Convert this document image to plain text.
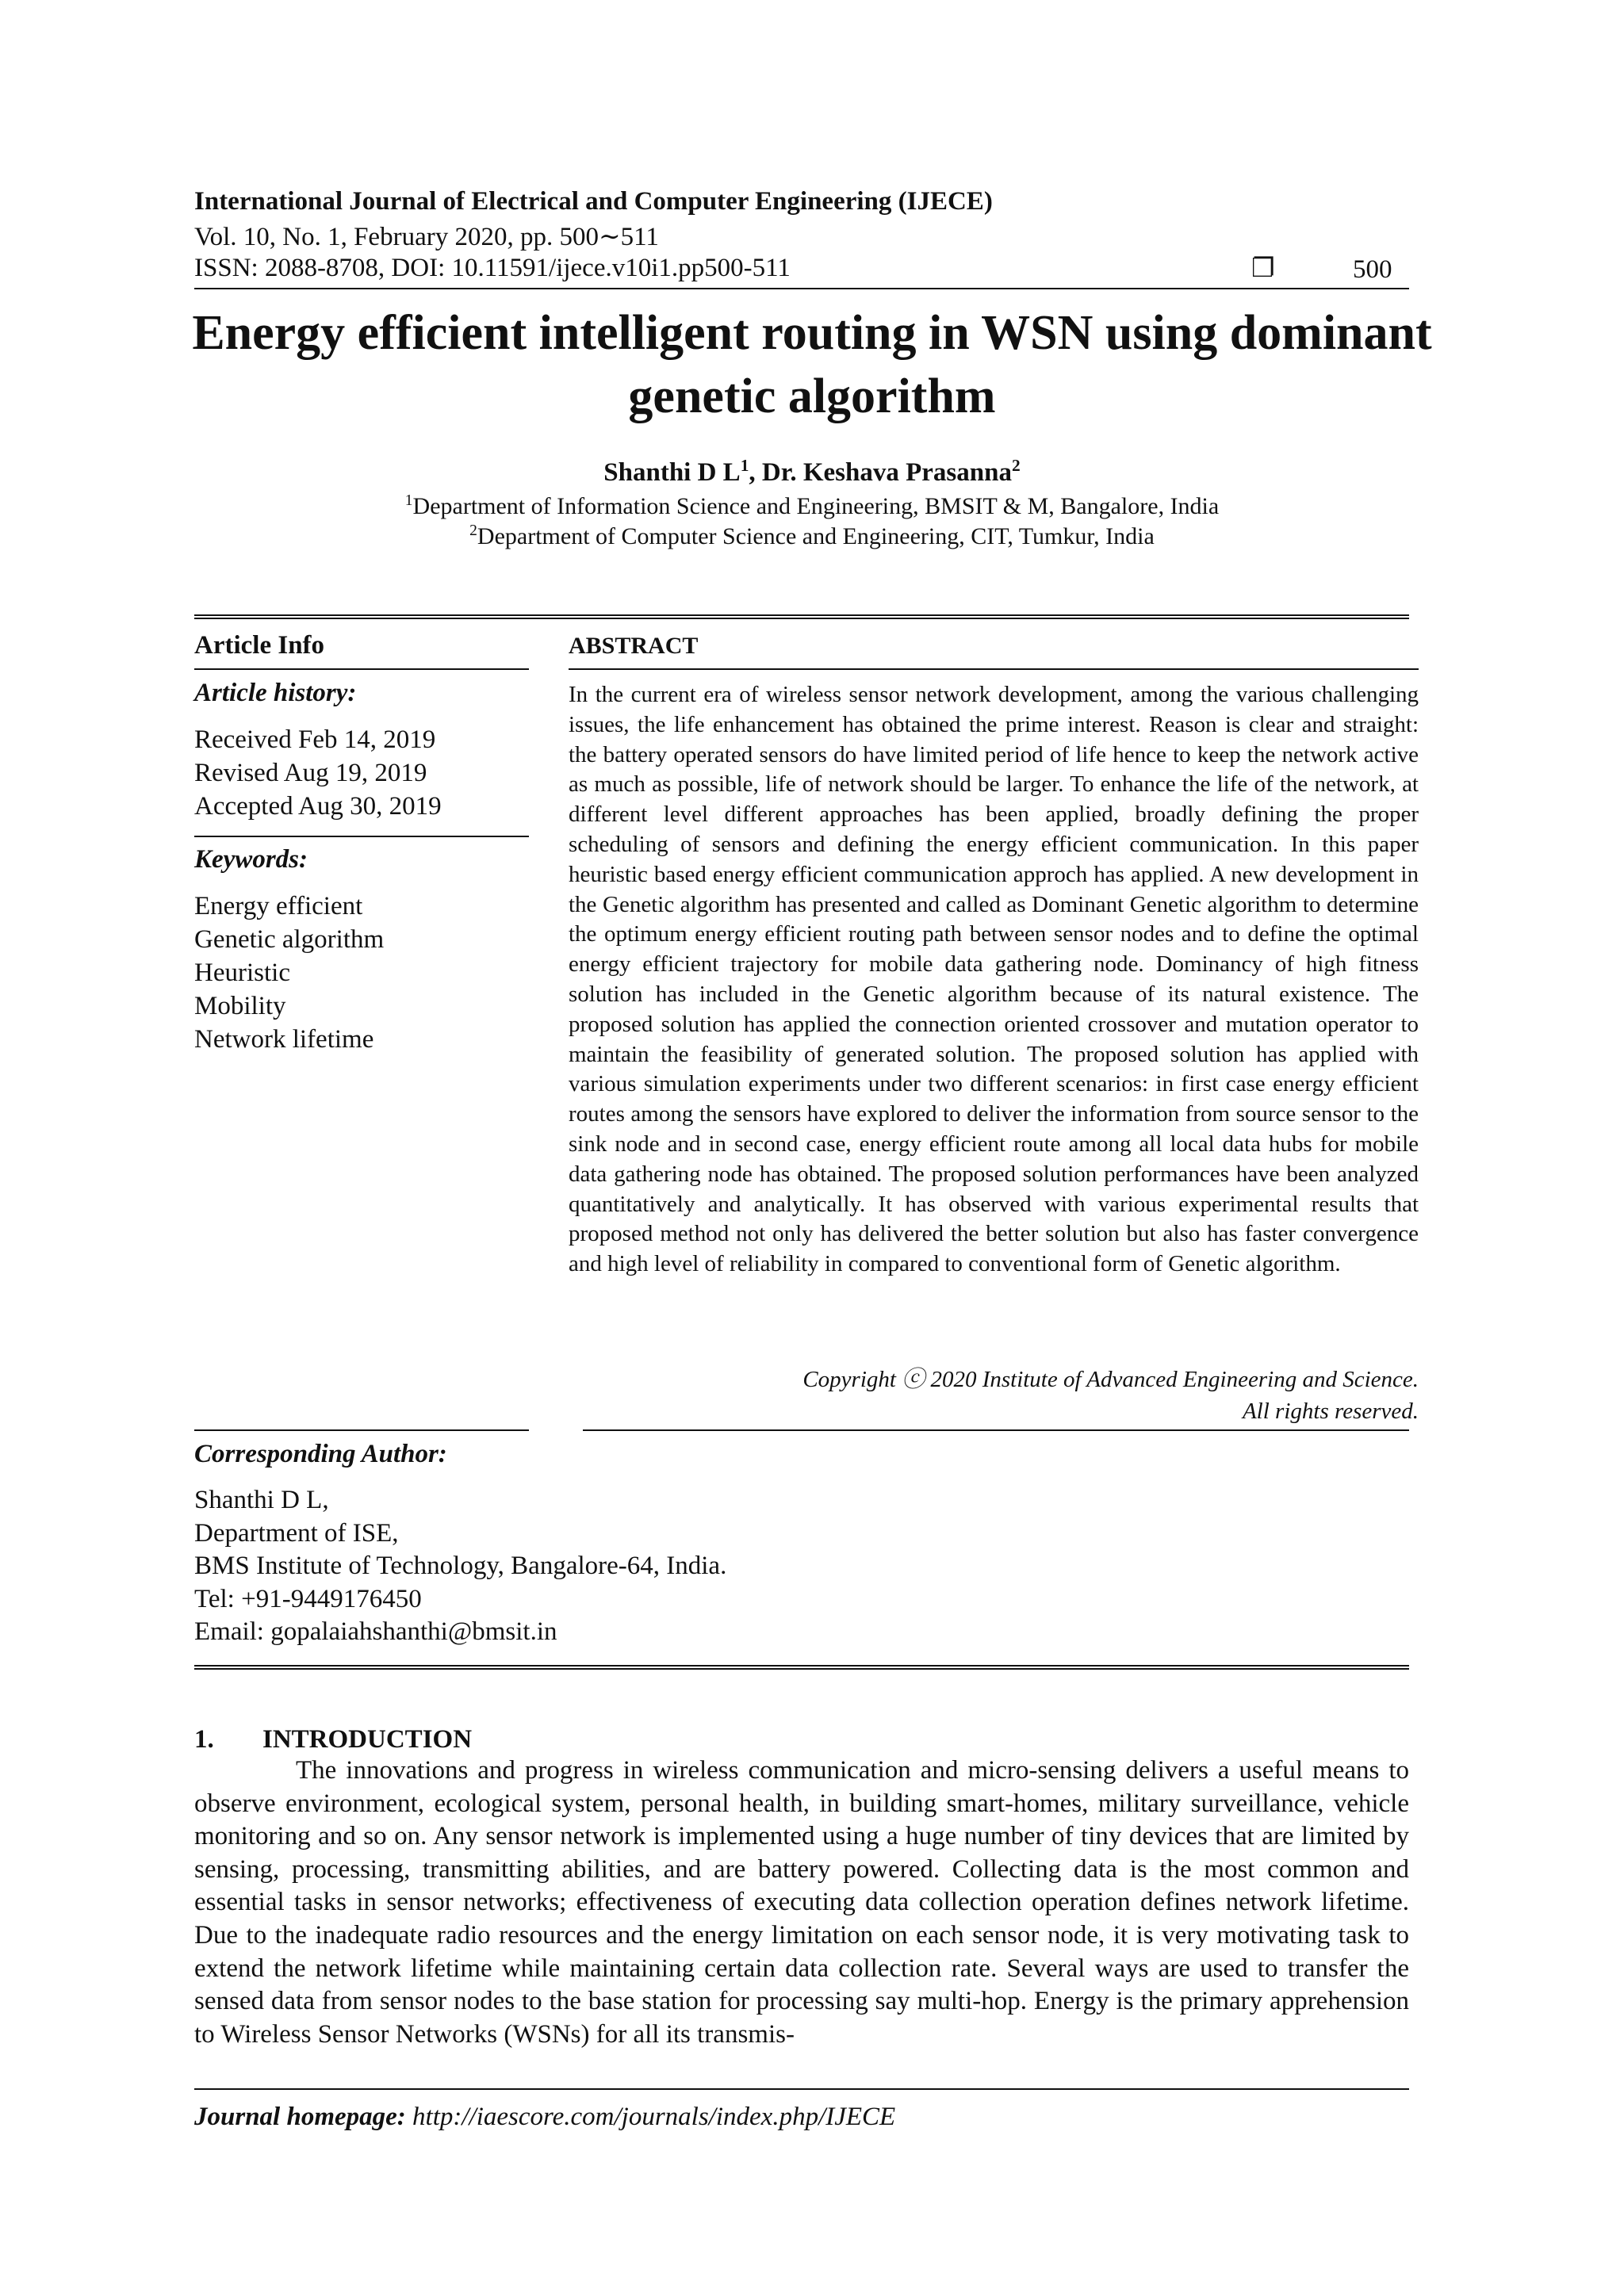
International Journal of Electrical and Computer Engineering (IJECE)
Vol. 10, No. 1, February 2020, pp. 500∼511
ISSN: 2088-8708, DOI: 10.11591/ijece.v10i1.pp500-511	❐	500
Energy efficient intelligent routing in WSN using dominant
genetic algorithm
Shanthi D $L^1$, Dr. Keshava Prasanna$^2$
$^1$Department of Information Science and Engineering, BMSIT & M, Bangalore, India
$^2$Department of Computer Science and Engineering, CIT, Tumkur, India
Article Info
Article history:
Received Feb 14, 2019
Revised Aug 19, 2019
Accepted Aug 30, 2019
Keywords:
Energy efficient
Genetic algorithm
Heuristic
Mobility
Network lifetime
ABSTRACT
In the current era of wireless sensor network development, among the various challenging issues, the life enhancement has obtained the prime interest. Reason is clear and straight: the battery operated sensors do have limited period of life hence to keep the network active as much as possible, life of network should be larger. To enhance the life of the network, at different level different approaches has been applied, broadly defining the proper scheduling of sensors and defining the energy efficient communication. In this paper heuristic based energy efficient communication approch has applied. A new development in the Genetic algorithm has presented and called as Dominant Genetic algorithm to determine the optimum energy efficient routing path between sensor nodes and to define the optimal energy efficient trajectory for mobile data gathering node. Dominancy of high fitness solution has included in the Genetic algorithm because of its natural existence. The proposed solution has applied the connection oriented crossover and mutation operator to maintain the feasibility of generated solution. The proposed solution has applied with various simulation experiments under two different scenarios: in first case energy efficient routes among the sensors have explored to deliver the information from source sensor to the sink node and in second case, energy efficient route among all local data hubs for mobile data gathering node has obtained. The proposed solution performances have been analyzed quantitatively and analytically. It has observed with various experimental results that proposed method not only has delivered the better solution but also has faster convergence and high level of reliability in compared to conventional form of Genetic algorithm.
Copyright ⓒ 2020 Institute of Advanced Engineering and Science.
All rights reserved.
Corresponding Author:
Shanthi D L,
Department of ISE,
BMS Institute of Technology, Bangalore-64, India.
Tel: +91-9449176450
Email: gopalaiahshanthi@bmsit.in
1. INTRODUCTION
The innovations and progress in wireless communication and micro-sensing delivers a useful means to observe environment, ecological system, personal health, in building smart-homes, military surveillance, vehicle monitoring and so on. Any sensor network is implemented using a huge number of tiny devices that are limited by sensing, processing, transmitting abilities, and are battery powered. Collecting data is the most common and essential tasks in sensor networks; effectiveness of executing data collection operation defines network lifetime. Due to the inadequate radio resources and the energy limitation on each sensor node, it is very motivating task to extend the network lifetime while maintaining certain data collection rate. Several ways are used to transfer the sensed data from sensor nodes to the base station for processing say multi-hop. Energy is the primary apprehension to Wireless Sensor Networks (WSNs) for all its transmis-
Journal homepage: http://iaescore.com/journals/index.php/IJECE
